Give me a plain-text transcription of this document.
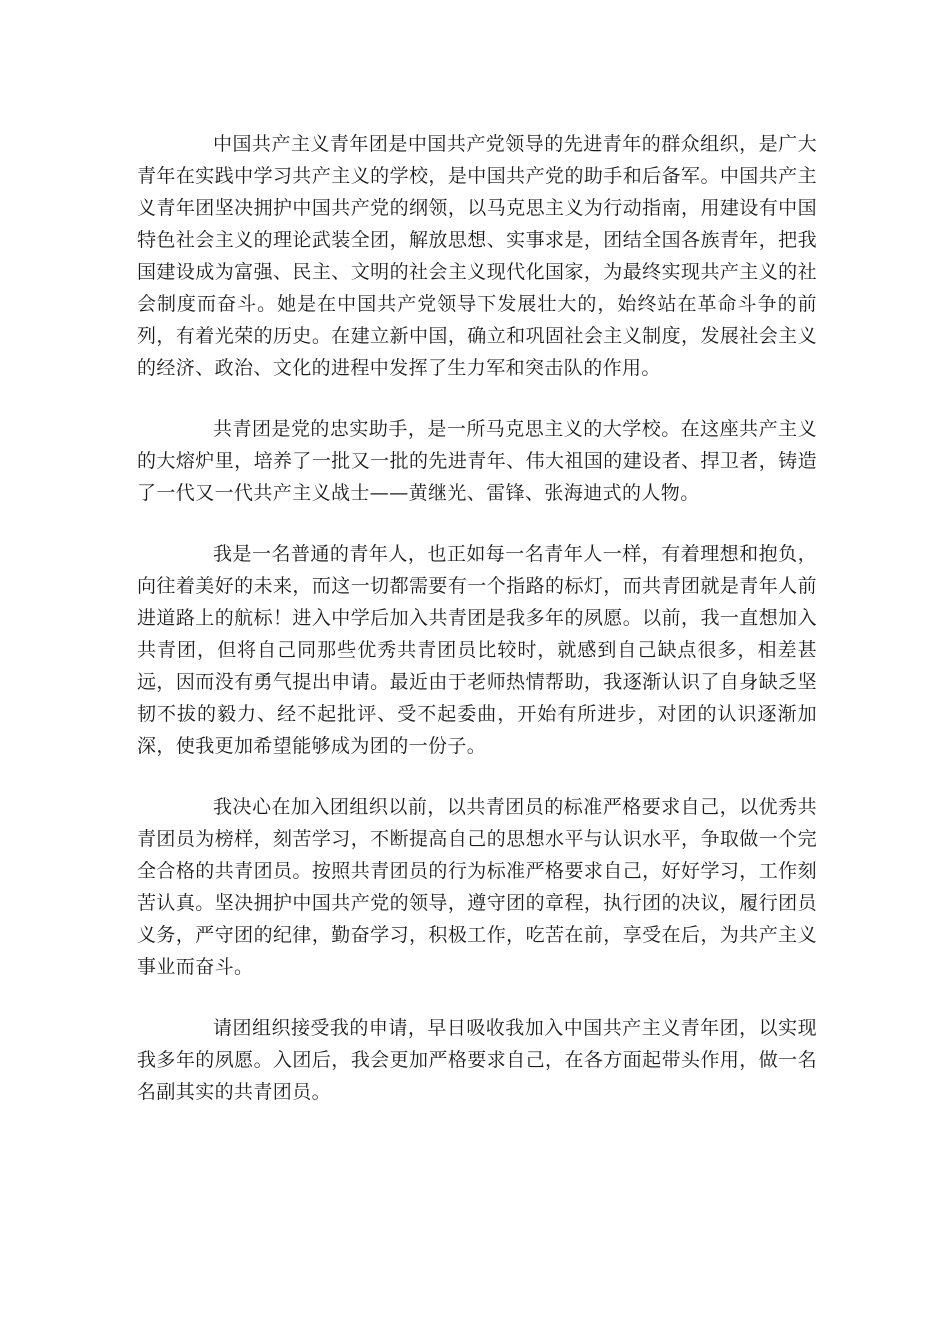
中国共产主义青年团是中国共产党领导的先进青年的群众组织，是广大青年在实践中学习共产主义的学校，是中国共产党的助手和后备军。中国共产主义青年团坚决拥护中国共产党的纲领，以马克思主义为行动指南，用建设有中国特色社会主义的理论武装全团，解放思想、实事求是，团结全国各族青年，把我国建设成为富强、民主、文明的社会主义现代化国家，为最终实现共产主义的社会制度而奋斗。她是在中国共产党领导下发展壮大的，始终站在革命斗争的前列，有着光荣的历史。在建立新中国，确立和巩固社会主义制度，发展社会主义的经济、政治、文化的进程中发挥了生力军和突击队的作用。

共青团是党的忠实助手，是一所马克思主义的大学校。在这座共产主义的大熔炉里，培养了一批又一批的先进青年、伟大祖国的建设者、捍卫者，铸造了一代又一代共产主义战士——黄继光、雷锋、张海迪式的人物。

我是一名普通的青年人，也正如每一名青年人一样，有着理想和抱负，向往着美好的未来，而这一切都需要有一个指路的标灯，而共青团就是青年人前进道路上的航标！进入中学后加入共青团是我多年的夙愿。以前，我一直想加入共青团，但将自己同那些优秀共青团员比较时，就感到自己缺点很多，相差甚远，因而没有勇气提出申请。最近由于老师热情帮助，我逐渐认识了自身缺乏坚韧不拔的毅力、经不起批评、受不起委曲，开始有所进步，对团的认识逐渐加深，使我更加希望能够成为团的一份子。

我决心在加入团组织以前，以共青团员的标准严格要求自己，以优秀共青团员为榜样，刻苦学习，不断提高自己的思想水平与认识水平，争取做一个完全合格的共青团员。按照共青团员的行为标准严格要求自己，好好学习，工作刻苦认真。坚决拥护中国共产党的领导，遵守团的章程，执行团的决议，履行团员义务，严守团的纪律，勤奋学习，积极工作，吃苦在前，享受在后，为共产主义事业而奋斗。

请团组织接受我的申请，早日吸收我加入中国共产主义青年团，以实现我多年的夙愿。入团后，我会更加严格要求自己，在各方面起带头作用，做一名名副其实的共青团员。
